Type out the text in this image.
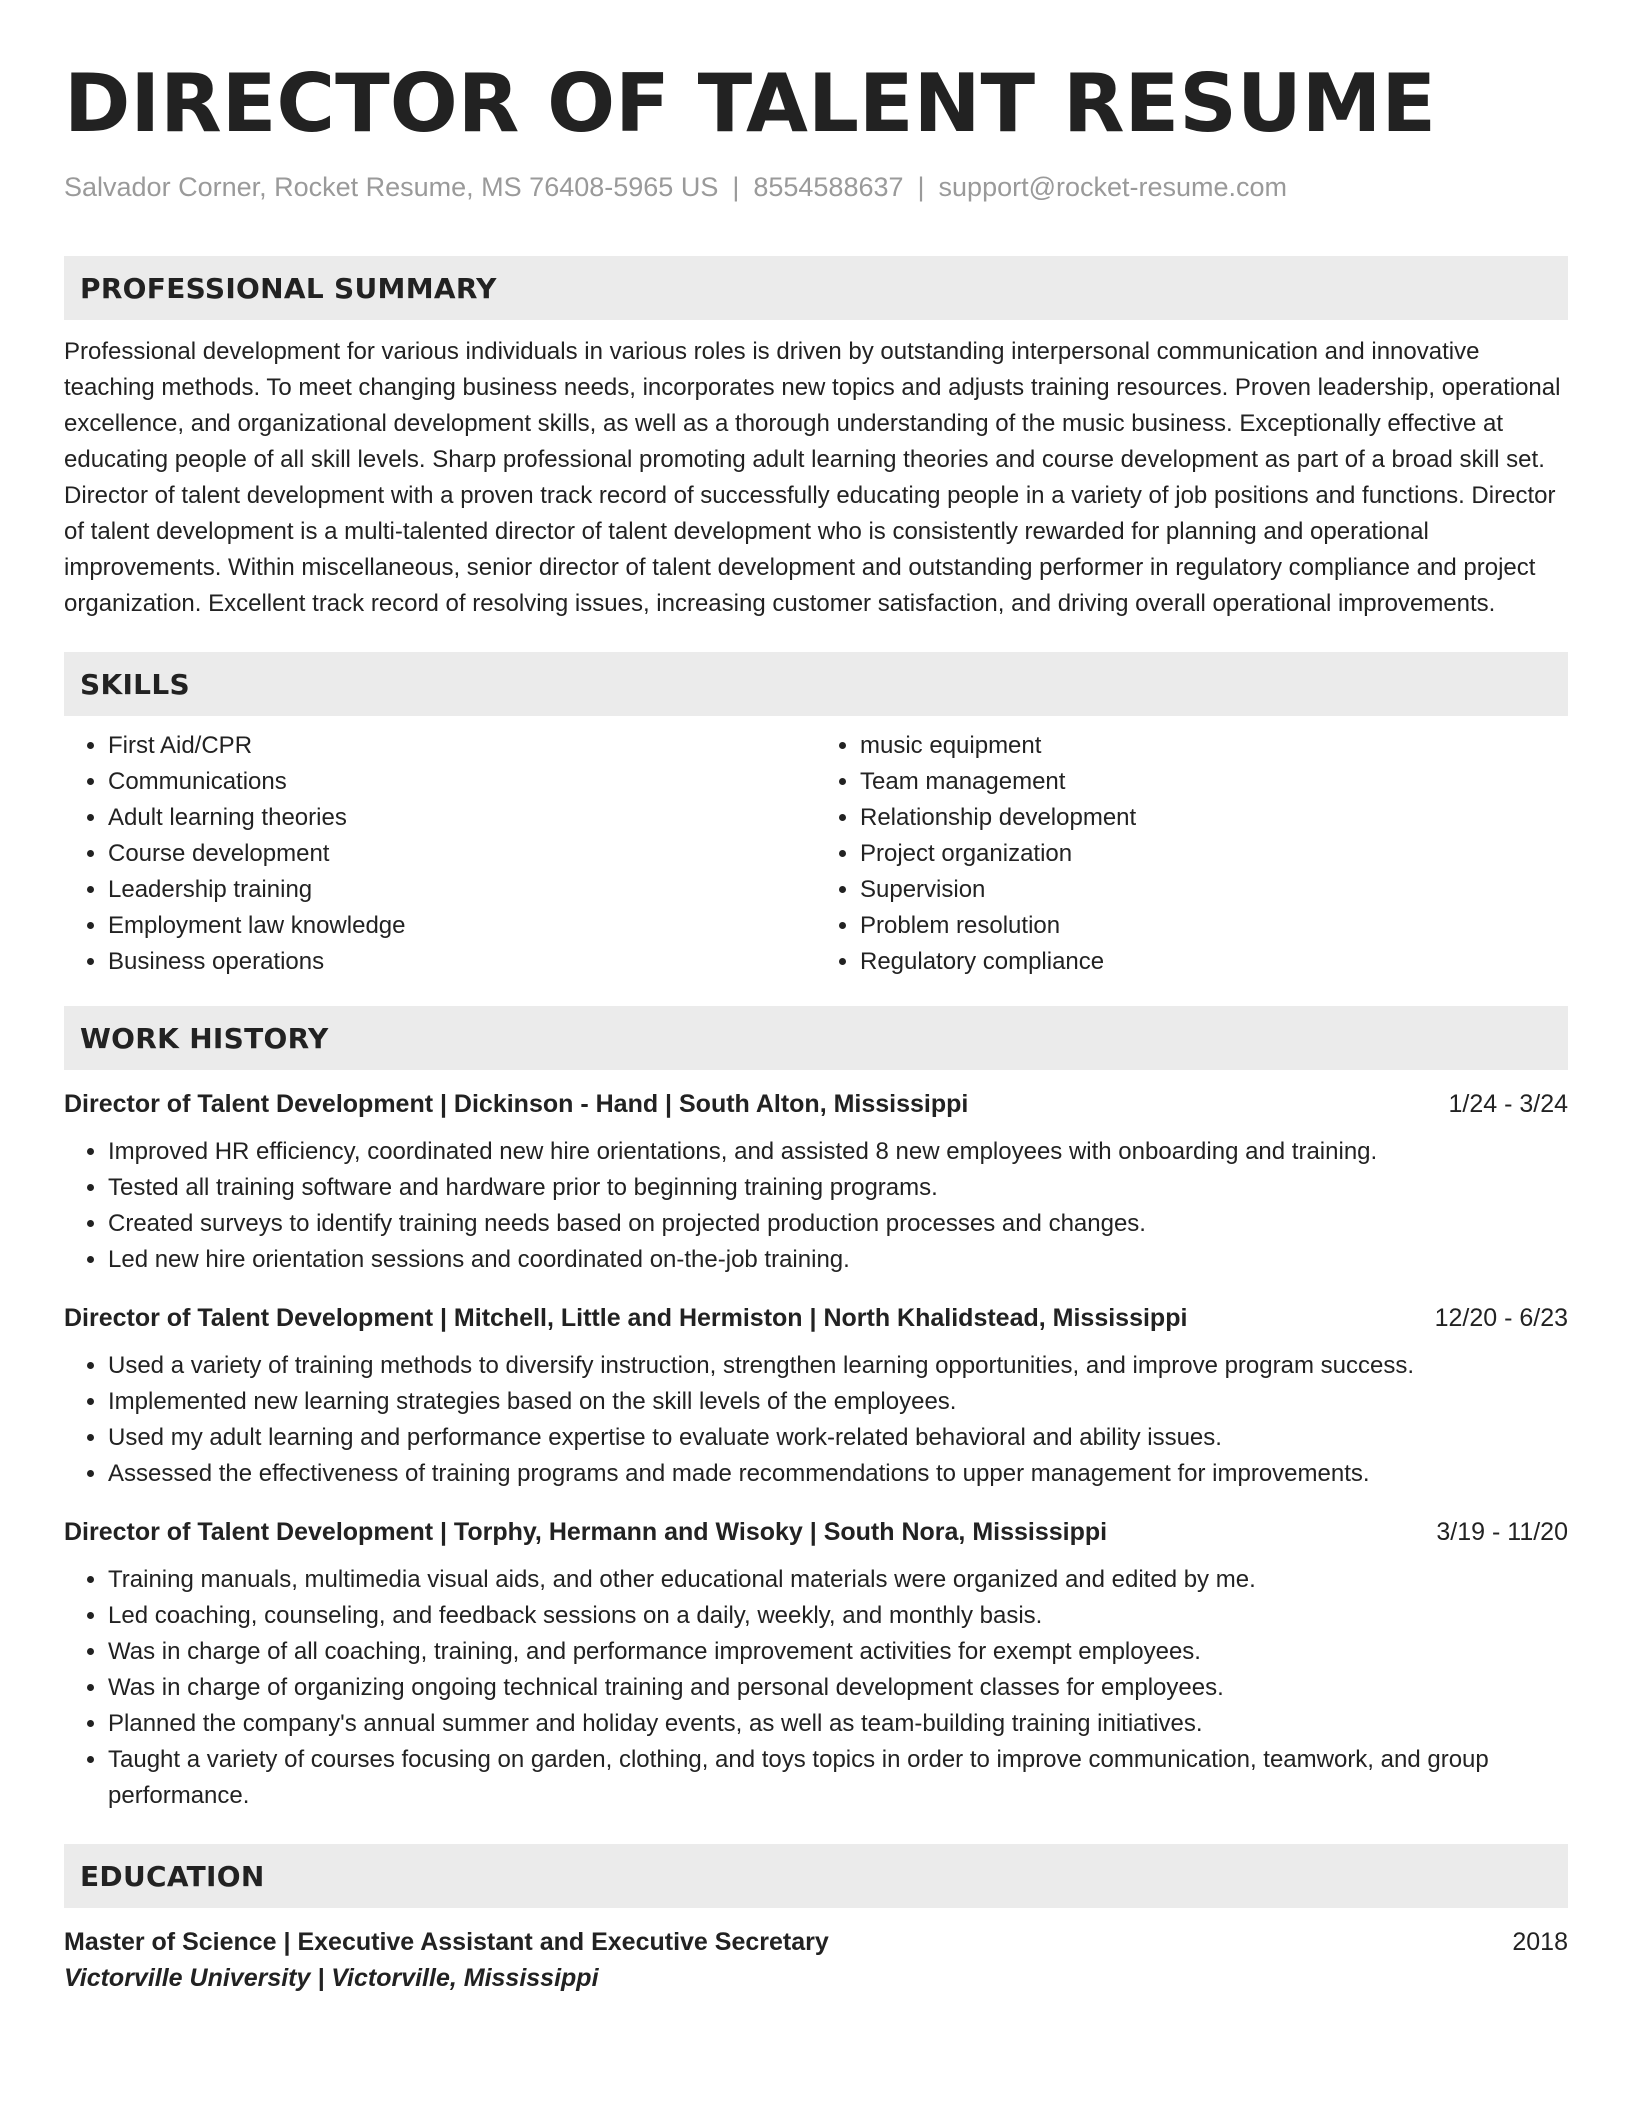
DIRECTOR OF TALENT RESUME
Salvador Corner, Rocket Resume, MS 76408-5965 US | 8554588637 | support@rocket-resume.com
PROFESSIONAL SUMMARY

Professional development for various individuals in various roles is driven by outstanding interpersonal communication and innovative teaching methods. To meet changing business needs, incorporates new topics and adjusts training resources. Proven leadership, operational excellence, and organizational development skills, as well as a thorough understanding of the music business. Exceptionally effective at educating people of all skill levels. Sharp professional promoting adult learning theories and course development as part of a broad skill set. Director of talent development with a proven track record of successfully educating people in a variety of job positions and functions. Director of talent development is a multi-talented director of talent development who is consistently rewarded for planning and operational improvements. Within miscellaneous, senior director of talent development and outstanding performer in regulatory compliance and project organization. Excellent track record of resolving issues, increasing customer satisfaction, and driving overall operational improvements.

SKILLS
• First Aid/CPR
• Communications
• Adult learning theories
• Course development
• Leadership training
• Employment law knowledge
• Business operations
• music equipment
• Team management
• Relationship development
• Project organization
• Supervision
• Problem resolution
• Regulatory compliance
WORK HISTORY
Director of Talent Development | Dickinson - Hand | South Alton, Mississippi	1/24 - 3/24
• Improved HR efficiency, coordinated new hire orientations, and assisted 8 new employees with onboarding and training.
• Tested all training software and hardware prior to beginning training programs.
• Created surveys to identify training needs based on projected production processes and changes.
• Led new hire orientation sessions and coordinated on-the-job training.
Director of Talent Development | Mitchell, Little and Hermiston | North Khalidstead, Mississippi	12/20 - 6/23
• Used a variety of training methods to diversify instruction, strengthen learning opportunities, and improve program success.
• Implemented new learning strategies based on the skill levels of the employees.
• Used my adult learning and performance expertise to evaluate work-related behavioral and ability issues.
• Assessed the effectiveness of training programs and made recommendations to upper management for improvements.
Director of Talent Development | Torphy, Hermann and Wisoky | South Nora, Mississippi	3/19 - 11/20
• Training manuals, multimedia visual aids, and other educational materials were organized and edited by me.
• Led coaching, counseling, and feedback sessions on a daily, weekly, and monthly basis.
• Was in charge of all coaching, training, and performance improvement activities for exempt employees.
• Was in charge of organizing ongoing technical training and personal development classes for employees.
• Planned the company's annual summer and holiday events, as well as team-building training initiatives.
• Taught a variety of courses focusing on garden, clothing, and toys topics in order to improve communication, teamwork, and group performance.
EDUCATION
Master of Science | Executive Assistant and Executive Secretary	2018
Victorville University | Victorville, Mississippi
